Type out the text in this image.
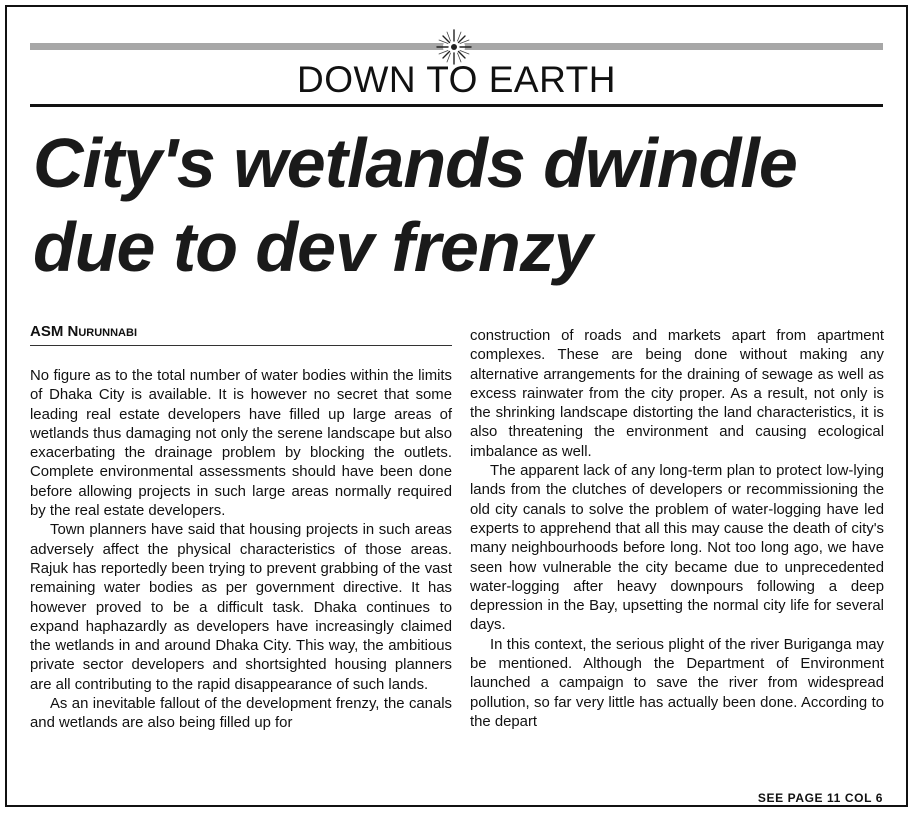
DOWN TO EARTH
City's wetlands dwindle
due to dev frenzy
ASM Nurunnabi

No figure as to the total number of water bodies within the limits of Dhaka City is available. It is however no secret that some leading real estate developers have filled up large areas of wetlands thus damaging not only the serene landscape but also exacerbating the drainage problem by blocking the outlets. Complete environmental assessments should have been done before allowing projects in such large areas normally required by the real estate developers.

Town planners have said that housing projects in such areas adversely affect the physical characteristics of those areas. Rajuk has reportedly been trying to prevent grabbing of the vast remaining water bodies as per government directive. It has however proved to be a difficult task. Dhaka continues to expand haphazardly as developers have increasingly claimed the wetlands in and around Dhaka City. This way, the ambitious private sector developers and shortsighted housing planners are all contributing to the rapid disappearance of such lands.

As an inevitable fallout of the development frenzy, the canals and wetlands are also being filled up for

construction of roads and markets apart from apartment complexes. These are being done without making any alternative arrangements for the draining of sewage as well as excess rainwater from the city proper. As a result, not only is the shrinking landscape distorting the land characteristics, it is also threatening the environment and causing ecological imbalance as well.

The apparent lack of any long-term plan to protect low-lying lands from the clutches of developers or recommissioning the old city canals to solve the problem of water-logging have led experts to apprehend that all this may cause the death of city's many neighbourhoods before long. Not too long ago, we have seen how vulnerable the city became due to unprecedented water-logging after heavy downpours following a deep depression in the Bay, upsetting the normal city life for several days.

In this context, the serious plight of the river Buriganga may be mentioned. Although the Department of Environment launched a campaign to save the river from widespread pollution, so far very little has actually been done. According to the depart

SEE PAGE 11 COL 6
